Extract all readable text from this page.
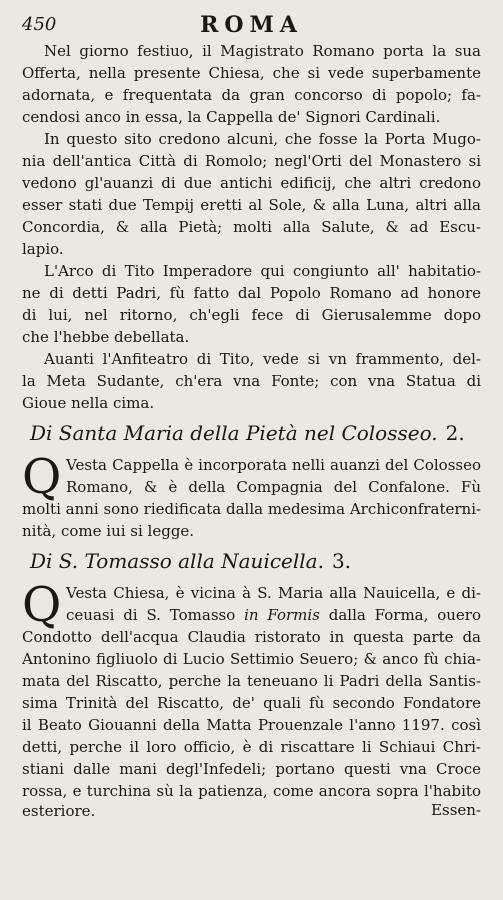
450	ROMA
Nel giorno festiuo, il Magistrato Romano porta la sua
Offerta, nella presente Chiesa, che si vede superbamente
adornata, e frequentata da gran concorso di popolo; fa-
cendosi anco in essa, la Cappella de' Signori Cardinali.
In questo sito credono alcuni, che fosse la Porta Mugo-
nia dell'antica Città di Romolo; negl'Orti del Monastero si
vedono gl'auanzi di due antichi edificij, che altri credono
esser stati due Tempij eretti al Sole, & alla Luna, altri alla
Concordia, & alla Pietà; molti alla Salute, & ad Escu-
lapio.
L'Arco di Tito Imperadore qui congiunto all' habitatio-
ne di detti Padri, fù fatto dal Popolo Romano ad honore
di lui, nel ritorno, ch'egli fece di Gierusalemme dopo
che l'hebbe debellata.
Auanti l'Anfiteatro di Tito, vede si vn frammento, del-
la Meta Sudante, ch'era vna Fonte; con vna Statua di
Gioue nella cima.
Di Santa Maria della Pietà nel Colosseo. 2.
Q Vesta Cappella è incorporata nelli auanzi del Colosseo
Romano, & è della Compagnia del Confalone. Fù
molti anni sono riedificata dalla medesima Archiconfraterni-
nità, come iui si legge.
Di S. Tomasso alla Nauicella. 3.
Q Vesta Chiesa, è vicina à S. Maria alla Nauicella, e di-
ceuasi di S. Tomasso in Formis dalla Forma, ouero
Condotto dell'acqua Claudia ristorato in questa parte da
Antonino figliuolo di Lucio Settimio Seuero; & anco fù chia-
mata del Riscatto, perche la teneuano li Padri della Santis-
sima Trinità del Riscatto, de' quali fù secondo Fondatore
il Beato Giouanni della Matta Prouenzale l'anno 1197. così
detti, perche il loro officio, è di riscattare li Schiaui Chri-
stiani dalle mani degl'Infedeli; portano questi vna Croce
rossa, e turchina sù la patienza, come ancora sopra l'habito
Essen-
esteriore.
